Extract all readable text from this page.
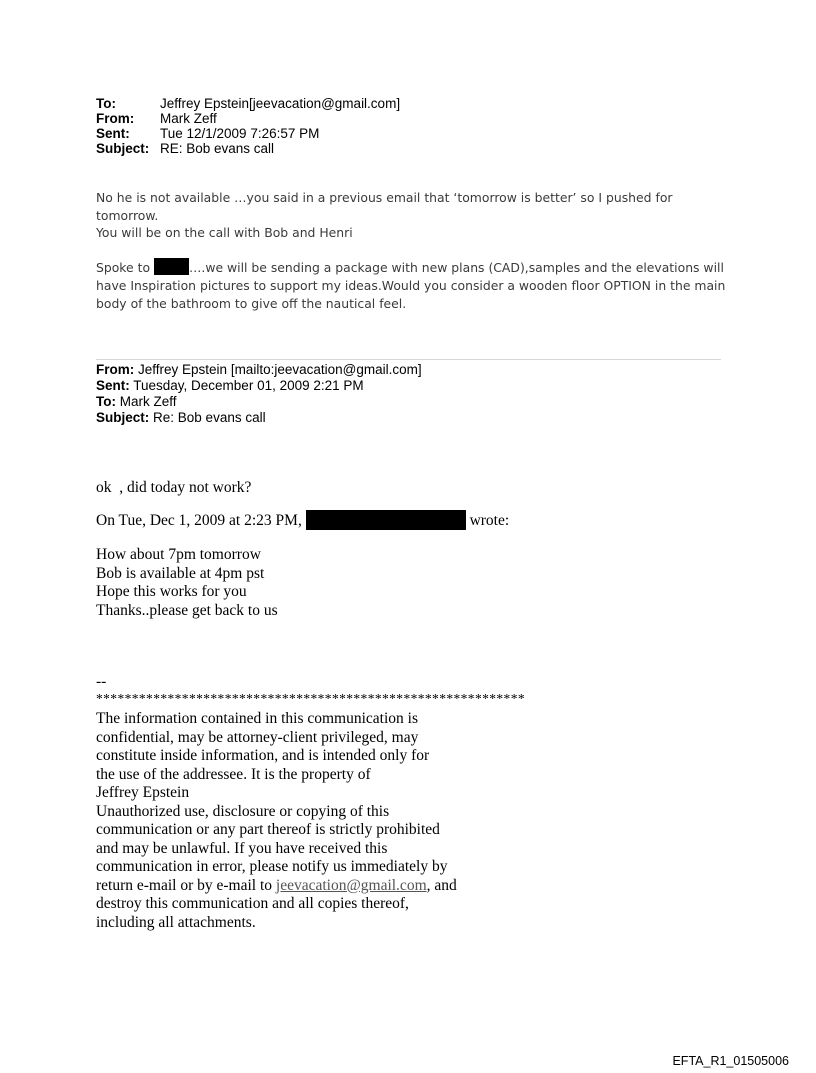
To:	Jeffrey Epstein[jeevacation@gmail.com]
From:	Mark Zeff
Sent:	Tue 12/1/2009 7:26:57 PM
Subject: RE: Bob evans call
No he is not available …you said in a previous email that ‘tomorrow is better’ so I pushed for tomorrow.
You will be on the call with Bob and Henri
Spoke to	….we will be sending a package with new plans (CAD),samples and the elevations will have Inspiration pictures to support my ideas.Would you consider a wooden floor OPTION in the main body of the bathroom to give off the nautical feel.
From: Jeffrey Epstein [mailto:jeevacation@gmail.com]
Sent: Tuesday, December 01, 2009 2:21 PM
To: Mark Zeff
Subject: Re: Bob evans call
ok  , did today not work?
On Tue, Dec 1, 2009 at 2:23 PM,	wrote:
How about 7pm tomorrow
Bob is available at 4pm pst
Hope this works for you
Thanks..please get back to us
--
************************************************************
The information contained in this communication is
confidential, may be attorney-client privileged, may
constitute inside information, and is intended only for
the use of the addressee. It is the property of
Jeffrey Epstein
Unauthorized use, disclosure or copying of this
communication or any part thereof is strictly prohibited
and may be unlawful. If you have received this
communication in error, please notify us immediately by
return e-mail or by e-mail to jeevacation@gmail.com, and
destroy this communication and all copies thereof,
including all attachments.
EFTA_R1_01505006
